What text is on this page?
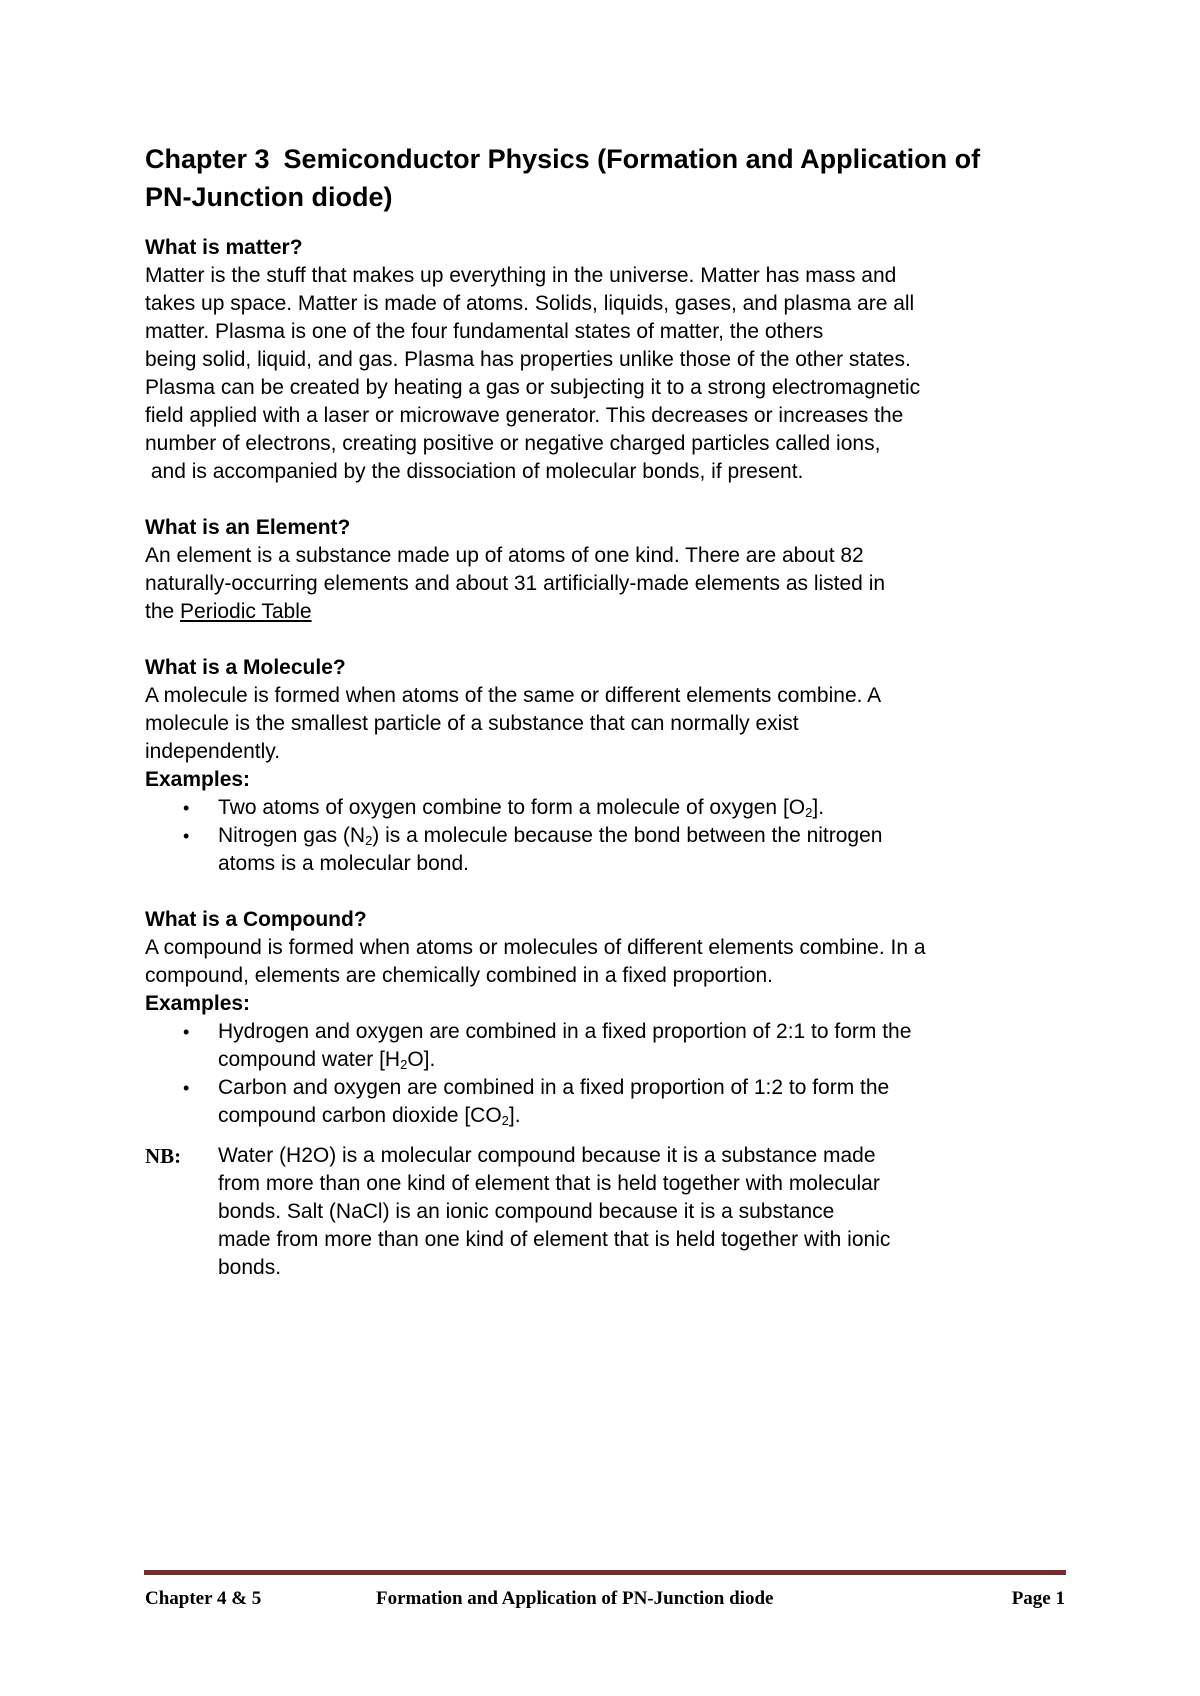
Chapter 3 Semiconductor Physics (Formation and Application of
PN-Junction diode)

What is matter?

Matter is the stuff that makes up everything in the universe. Matter has mass and
takes up space. Matter is made of atoms. Solids, liquids, gases, and plasma are all
matter. Plasma is one of the four fundamental states of matter, the others
being solid, liquid, and gas. Plasma has properties unlike those of the other states.
Plasma can be created by heating a gas or subjecting it to a strong electromagnetic
field applied with a laser or microwave generator. This decreases or increases the
number of electrons, creating positive or negative charged particles called ions,
and is accompanied by the dissociation of molecular bonds, if present.

What is an Element?

An element is a substance made up of atoms of one kind. There are about 82
naturally-occurring elements and about 31 artificially-made elements as listed in
the Periodic Table

What is a Molecule?

A molecule is formed when atoms of the same or different elements combine. A
molecule is the smallest particle of a substance that can normally exist
independently.

Examples:

• Two atoms of oxygen combine to form a molecule of oxygen $[O_2]$.
• Nitrogen gas $(N_2)$ is a molecule because the bond between the nitrogen
atoms is a molecular bond.

What is a Compound?

A compound is formed when atoms or molecules of different elements combine. In a
compound, elements are chemically combined in a fixed proportion.

Examples:

• Hydrogen and oxygen are combined in a fixed proportion of 2:1 to form the
compound water $[H_2O]$.
• Carbon and oxygen are combined in a fixed proportion of 1:2 to form the
compound carbon dioxide $[CO_2]$.
NB: Water (H2O) is a molecular compound because it is a substance made
from more than one kind of element that is held together with molecular
bonds. Salt (NaCl) is an ionic compound because it is a substance
made from more than one kind of element that is held together with ionic
bonds.
Chapter 4 & 5	Formation and Application of PN-Junction diode	Page 1
